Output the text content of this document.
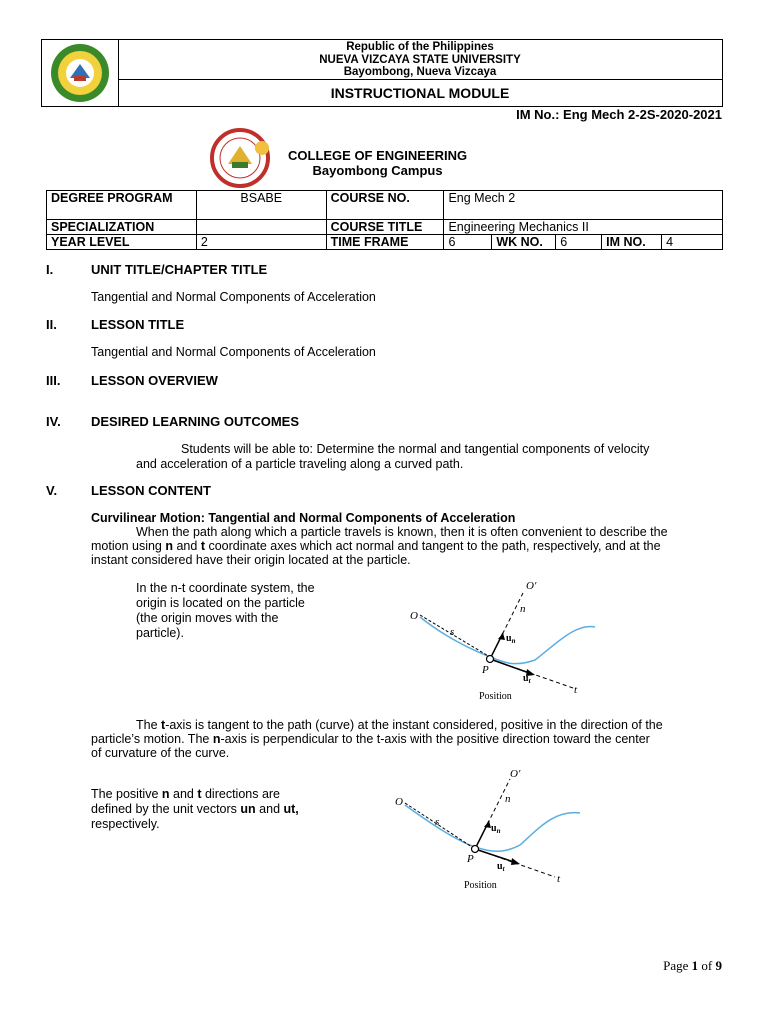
Republic of the Philippines
NUEVA VIZCAYA STATE UNIVERSITY
Bayombong, Nueva Vizcaya
INSTRUCTIONAL MODULE
IM No.: Eng Mech 2-2S-2020-2021
COLLEGE OF ENGINEERING
Bayombong Campus
DEGREE PROGRAM	BSABE	COURSE NO.	Eng Mech 2				
SPECIALIZATION		COURSE TITLE	Engineering Mechanics II				
YEAR LEVEL	2	TIME FRAME	6	WK NO.	6	IM NO.	4
I.	UNIT TITLE/CHAPTER TITLE
Tangential and Normal Components of Acceleration
II.	LESSON TITLE
Tangential and Normal Components of Acceleration
III. LESSON OVERVIEW
IV. DESIRED LEARNING OUTCOMES
Students will be able to: Determine the normal and tangential components of velocity
and acceleration of a particle traveling along a curved path.
V.	LESSON CONTENT
Curvilinear Motion: Tangential and Normal Components of Acceleration
When the path along which a particle travels is known, then it is often convenient to describe the
motion using n and t coordinate axes which act normal and tangent to the path, respectively, and at the
instant considered have their origin located at the particle.
In the n-t coordinate system, the
origin is located on the particle
(the origin moves with the
particle).
O
O′
n
s
$u_n$
P
$u_t$
t
Position
The t-axis is tangent to the path (curve) at the instant considered, positive in the direction of the
particle’s motion. The n-axis is perpendicular to the t-axis with the positive direction toward the center
of curvature of the curve.
The positive n and t directions are
defined by the unit vectors un and ut,
respectively.
O
O′
n
s
$u_n$
P
$u_t$
t
Position
Page 1 of 9
